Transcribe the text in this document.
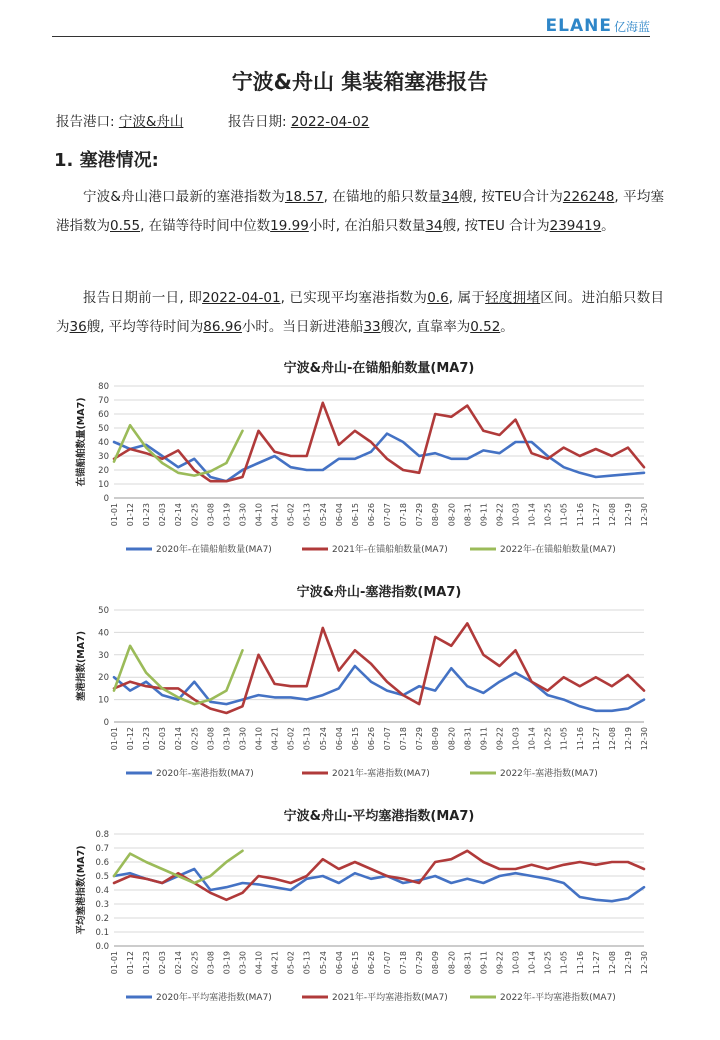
ELANE 亿海蓝
宁波&舟山 集装箱塞港报告
报告港口: 宁波&舟山	报告日期: 2022-04-02
1. 塞港情况:
宁波&舟山港口最新的塞港指数为18.57, 在锚地的船只数量34艘, 按TEU合计为226248, 平均塞港指数为0.55, 在锚等待时间中位数19.99小时, 在泊船只数量34艘, 按TEU 合计为239419。
报告日期前一日, 即2022-04-01, 已实现平均塞港指数为0.6, 属于轻度拥堵区间。进泊船只数目为36艘, 平均等待时间为86.96小时。当日新进港船33艘次, 直靠率为0.52。
宁波&舟山-在锚船舶数量(MA7)
在锚船舶数量(MA7)
0
10
20
30
40
50
60
70
80
01-01 01-12 01-23 02-03 02-14 02-25 03-08 03-19 03-30 04-10 04-21 05-02 05-13 05-24 06-04 06-15 06-26 07-07 07-18 07-29 08-09 08-20 08-31 09-11 09-22 10-03 10-14 10-25 11-05 11-16 11-27 12-08 12-19 12-30
2020年-在锚船舶数量(MA7)	2021年-在锚船舶数量(MA7)	2022年-在锚船舶数量(MA7)
宁波&舟山-塞港指数(MA7)
塞港指数(MA7)
0
10
20
30
40
50
01-01 01-12 01-23 02-03 02-14 02-25 03-08 03-19 03-30 04-10 04-21 05-02 05-13 05-24 06-04 06-15 06-26 07-07 07-18 07-29 08-09 08-20 08-31 09-11 09-22 10-03 10-14 10-25 11-05 11-16 11-27 12-08 12-19 12-30
2020年-塞港指数(MA7)	2021年-塞港指数(MA7)	2022年-塞港指数(MA7)
宁波&舟山-平均塞港指数(MA7)
平均塞港指数(MA7)
0.0
0.1
0.2
0.3
0.4
0.5
0.6
0.7
0.8
01-01 01-12 01-23 02-03 02-14 02-25 03-08 03-19 03-30 04-10 04-21 05-02 05-13 05-24 06-04 06-15 06-26 07-07 07-18 07-29 08-09 08-20 08-31 09-11 09-22 10-03 10-14 10-25 11-05 11-16 11-27 12-08 12-19 12-30
2020年-平均塞港指数(MA7)	2021年-平均塞港指数(MA7)	2022年-平均塞港指数(MA7)
